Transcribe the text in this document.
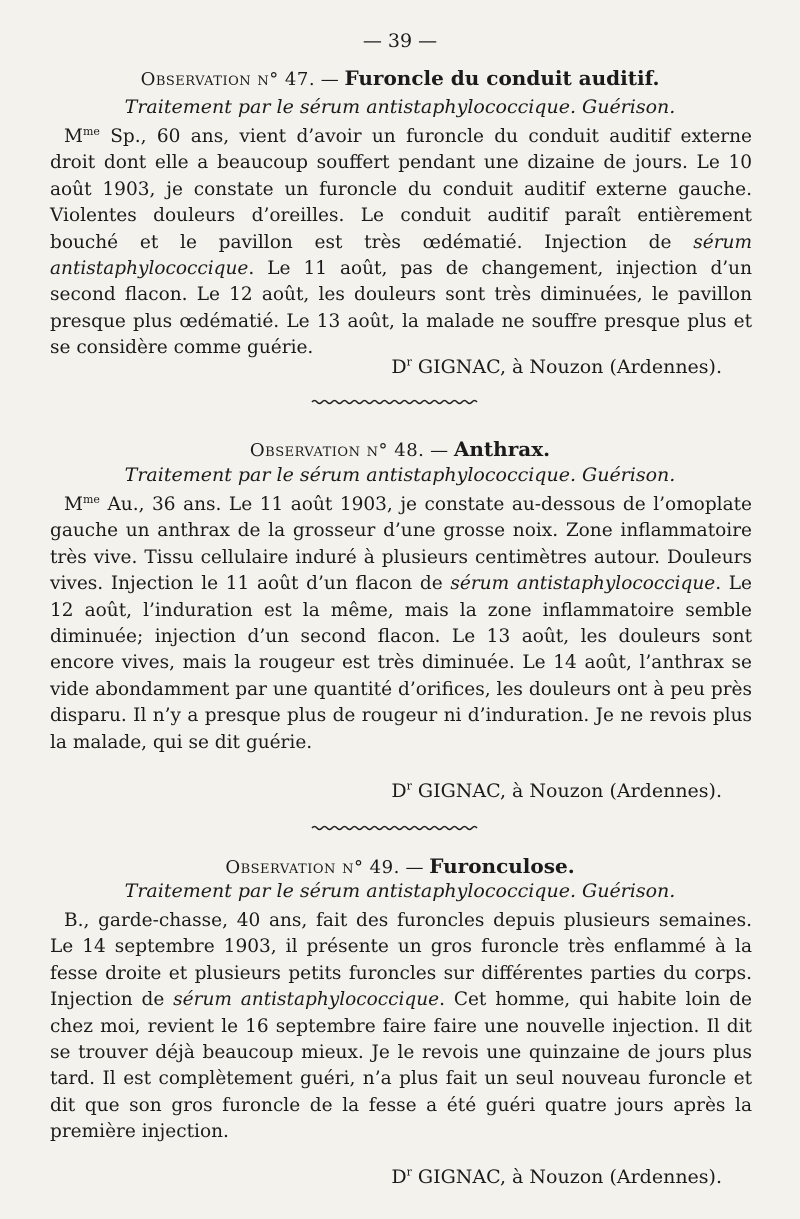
— 39 —
Observation n° 47. — Furoncle du conduit auditif.
Traitement par le sérum antistaphylococcique. Guérison.

$M^{me}$ Sp., 60 ans, vient d’avoir un furoncle du conduit auditif externe droit dont elle a beaucoup souffert pendant une dizaine de jours. Le 10 août 1903, je constate un furoncle du conduit auditif externe gauche. Violentes douleurs d’oreilles. Le conduit auditif paraît entièrement bouché et le pavillon est très œdématié. Injection de sérum antistaphylococcique. Le 11 août, pas de changement, injection d’un second flacon. Le 12 août, les douleurs sont très diminuées, le pavillon presque plus œdématié. Le 13 août, la malade ne souffre presque plus et se considère comme guérie.

$D^r$ GIGNAC, à Nouzon (Ardennes).
Observation n° 48. — Anthrax.
Traitement par le sérum antistaphylococcique. Guérison.

$M^{me}$ Au., 36 ans. Le 11 août 1903, je constate au-dessous de l’omoplate gauche un anthrax de la grosseur d’une grosse noix. Zone inflammatoire très vive. Tissu cellulaire induré à plusieurs centimètres autour. Douleurs vives. Injection le 11 août d’un flacon de sérum antistaphylococcique. Le 12 août, l’induration est la même, mais la zone inflammatoire semble diminuée; injection d’un second flacon. Le 13 août, les douleurs sont encore vives, mais la rougeur est très diminuée. Le 14 août, l’anthrax se vide abondamment par une quantité d’orifices, les douleurs ont à peu près disparu. Il n’y a presque plus de rougeur ni d’induration. Je ne revois plus la malade, qui se dit guérie.

$D^r$ GIGNAC, à Nouzon (Ardennes).
Observation n° 49. — Furonculose.
Traitement par le sérum antistaphylococcique. Guérison.

B., garde-chasse, 40 ans, fait des furoncles depuis plusieurs semaines. Le 14 septembre 1903, il présente un gros furoncle très enflammé à la fesse droite et plusieurs petits furoncles sur différentes parties du corps. Injection de sérum antistaphylococcique. Cet homme, qui habite loin de chez moi, revient le 16 septembre faire faire une nouvelle injection. Il dit se trouver déjà beaucoup mieux. Je le revois une quinzaine de jours plus tard. Il est complètement guéri, n’a plus fait un seul nouveau furoncle et dit que son gros furoncle de la fesse a été guéri quatre jours après la première injection.

$D^r$ GIGNAC, à Nouzon (Ardennes).
